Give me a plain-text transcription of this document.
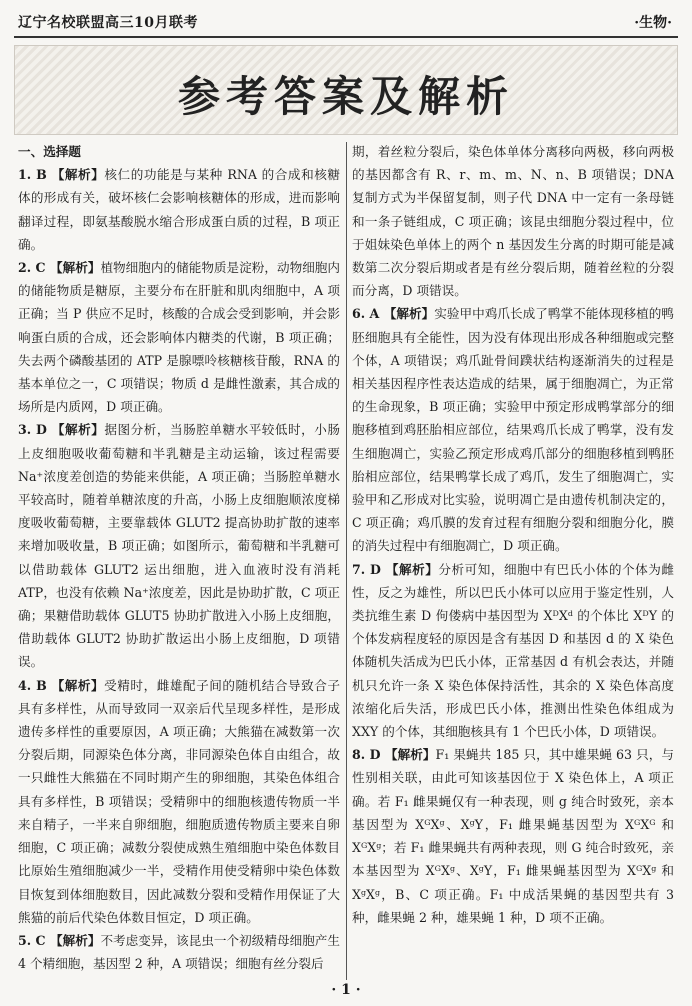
辽宁名校联盟高三10月联考	·生物·
参考答案及解析

一、选择题

1. B 【解析】核仁的功能是与某种 RNA 的合成和核糖体的形成有关，破坏核仁会影响核糖体的形成，进而影响翻译过程，即氨基酸脱水缩合形成蛋白质的过程，B 项正确。

2. C 【解析】植物细胞内的储能物质是淀粉，动物细胞内的储能物质是糖原，主要分布在肝脏和肌肉细胞中，A 项正确；当 P 供应不足时，核酸的合成会受到影响，并会影响蛋白质的合成，还会影响体内糖类的代谢，B 项正确；失去两个磷酸基团的 ATP 是腺嘌呤核糖核苷酸，RNA 的基本单位之一，C 项错误；物质 d 是雌性激素，其合成的场所是内质网，D 项正确。

3. D 【解析】据图分析，当肠腔单糖水平较低时，小肠上皮细胞吸收葡萄糖和半乳糖是主动运输，该过程需要 Na⁺浓度差创造的势能来供能，A 项正确；当肠腔单糖水平较高时，随着单糖浓度的升高，小肠上皮细胞顺浓度梯度吸收葡萄糖，主要靠载体 GLUT2 提高协助扩散的速率来增加吸收量，B 项正确；如图所示，葡萄糖和半乳糖可以借助载体 GLUT2 运出细胞，进入血液时没有消耗 ATP，也没有依赖 Na⁺浓度差，因此是协助扩散，C 项正确；果糖借助载体 GLUT5 协助扩散进入小肠上皮细胞，借助载体 GLUT2 协助扩散运出小肠上皮细胞，D 项错误。

4. B 【解析】受精时，雌雄配子间的随机结合导致合子具有多样性，从而导致同一双亲后代呈现多样性，是形成遗传多样性的重要原因，A 项正确；大熊猫在减数第一次分裂后期，同源染色体分离，非同源染色体自由组合，故一只雌性大熊猫在不同时期产生的卵细胞，其染色体组合具有多样性，B 项错误；受精卵中的细胞核遗传物质一半来自精子，一半来自卵细胞，细胞质遗传物质主要来自卵细胞，C 项正确；减数分裂使成熟生殖细胞中染色体数目比原始生殖细胞减少一半，受精作用使受精卵中染色体数目恢复到体细胞数目，因此减数分裂和受精作用保证了大熊猫的前后代染色体数目恒定，D 项正确。

5. C 【解析】不考虑变异，该昆虫一个初级精母细胞产生 4 个精细胞，基因型 2 种，A 项错误；细胞有丝分裂后

期，着丝粒分裂后，染色体单体分离移向两极，移向两极的基因都含有 R、r、m、m、N、n、B 项错误；DNA 复制方式为半保留复制，则子代 DNA 中一定有一条母链和一条子链组成，C 项正确；该昆虫细胞分裂过程中，位于姐妹染色单体上的两个 n 基因发生分离的时期可能是减数第二次分裂后期或者是有丝分裂后期，随着丝粒的分裂而分离，D 项错误。

6. A 【解析】实验甲中鸡爪长成了鸭掌不能体现移植的鸭胚细胞具有全能性，因为没有体现出形成各种细胞或完整个体，A 项错误；鸡爪趾骨间蹼状结构逐渐消失的过程是相关基因程序性表达造成的结果，属于细胞凋亡，为正常的生命现象，B 项正确；实验甲中预定形成鸭掌部分的细胞移植到鸡胚胎相应部位，结果鸡爪长成了鸭掌，没有发生细胞凋亡，实验乙预定形成鸡爪部分的细胞移植到鸭胚胎相应部位，结果鸭掌长成了鸡爪，发生了细胞凋亡，实验甲和乙形成对比实验，说明凋亡是由遗传机制决定的，C 项正确；鸡爪膜的发育过程有细胞分裂和细胞分化，膜的消失过程中有细胞凋亡，D 项正确。

7. D 【解析】分析可知，细胞中有巴氏小体的个体为雌性，反之为雄性，所以巴氏小体可以应用于鉴定性别，人类抗维生素 D 佝偻病中基因型为 XᴰXᵈ 的个体比 XᴰY 的个体发病程度轻的原因是含有基因 D 和基因 d 的 X 染色体随机失活成为巴氏小体，正常基因 d 有机会表达，并随机只允许一条 X 染色体保持活性，其余的 X 染色体高度浓缩化后失活，形成巴氏小体，推测出性染色体组成为 XXY 的个体，其细胞核具有 1 个巴氏小体，D 项错误。

8. D 【解析】F₁ 果蝇共 185 只，其中雄果蝇 63 只，与性别相关联，由此可知该基因位于 X 染色体上，A 项正确。若 F₁ 雌果蝇仅有一种表现，则 g 纯合时致死，亲本基因型为 XᴳXᵍ、XᵍY，F₁ 雌果蝇基因型为 XᴳXᴳ 和 XᴳXᵍ；若 F₁ 雌果蝇共有两种表现，则 G 纯合时致死，亲本基因型为 XᴳXᵍ、XᵍY，F₁ 雌果蝇基因型为 XᴳXᵍ 和 XᵍXᵍ，B、C 项正确。F₁ 中成活果蝇的基因型共有 3 种，雌果蝇 2 种，雄果蝇 1 种，D 项不正确。

· 1 ·
